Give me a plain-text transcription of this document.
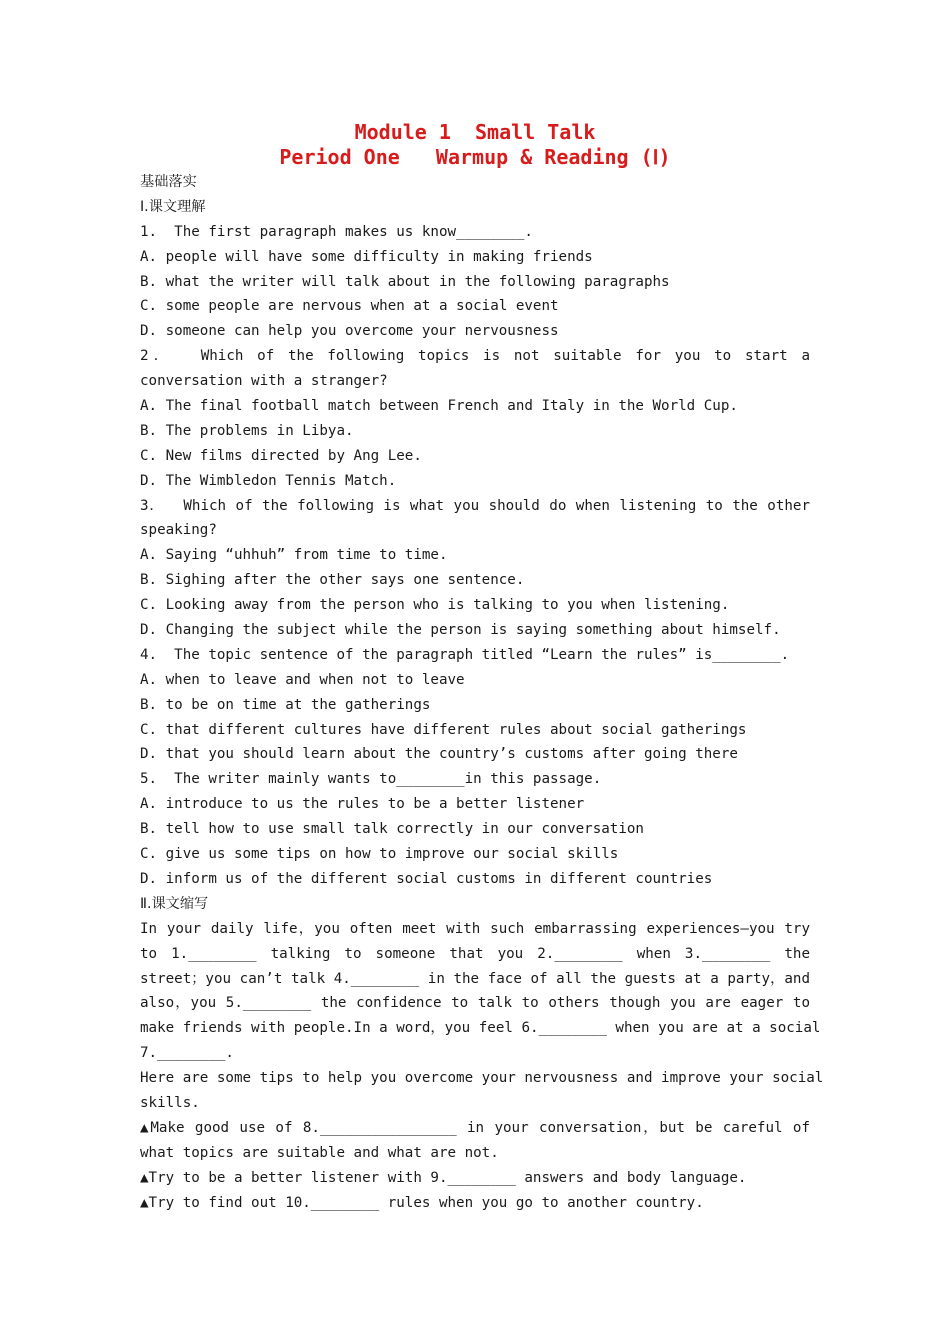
Module 1  Small Talk
Period One   Warmup & Reading (Ⅰ)
基础落实
Ⅰ.课文理解
1.  The first paragraph makes us know________.
A. people will have some difficulty in making friends
B. what the writer will talk about in the following paragraphs
C. some people are nervous when at a social event
D. someone can help you overcome your nervousness
2．  Which of the following topics is not suitable for you to start a
conversation with a stranger?
A. The final football match between French and Italy in the World Cup.
B. The problems in Libya.
C. New films directed by Ang Lee.
D. The Wimbledon Tennis Match.
3．  Which of the following is what you should do when listening to the other
speaking?
A. Saying “uhhuh” from time to time.
B. Sighing after the other says one sentence.
C. Looking away from the person who is talking to you when listening.
D. Changing the subject while the person is saying something about himself.
4.  The topic sentence of the paragraph titled “Learn the rules” is________.
A. when to leave and when not to leave
B. to be on time at the gatherings
C. that different cultures have different rules about social gatherings
D. that you should learn about the country’s customs after going there
5.  The writer mainly wants to________in this passage.
A. introduce to us the rules to be a better listener
B. tell how to use small talk correctly in our conversation
C. give us some tips on how to improve our social skills
D. inform us of the different social customs in different countries
Ⅱ.课文缩写
In your daily life，you often meet with such embarrassing experiences—you try
to 1.________ talking to someone that you 2.________ when 3.________ the
street；you can’t talk 4.________ in the face of all the guests at a party，and
also，you 5.________ the confidence to talk to others though you are eager to
make friends with people.In a word，you feel 6.________ when you are at a social
7.________.
Here are some tips to help you overcome your nervousness and improve your social
skills.
▲Make good use of 8.________________ in your conversation，but be careful of
what topics are suitable and what are not.
▲Try to be a better listener with 9.________ answers and body language.
▲Try to find out 10.________ rules when you go to another country.
